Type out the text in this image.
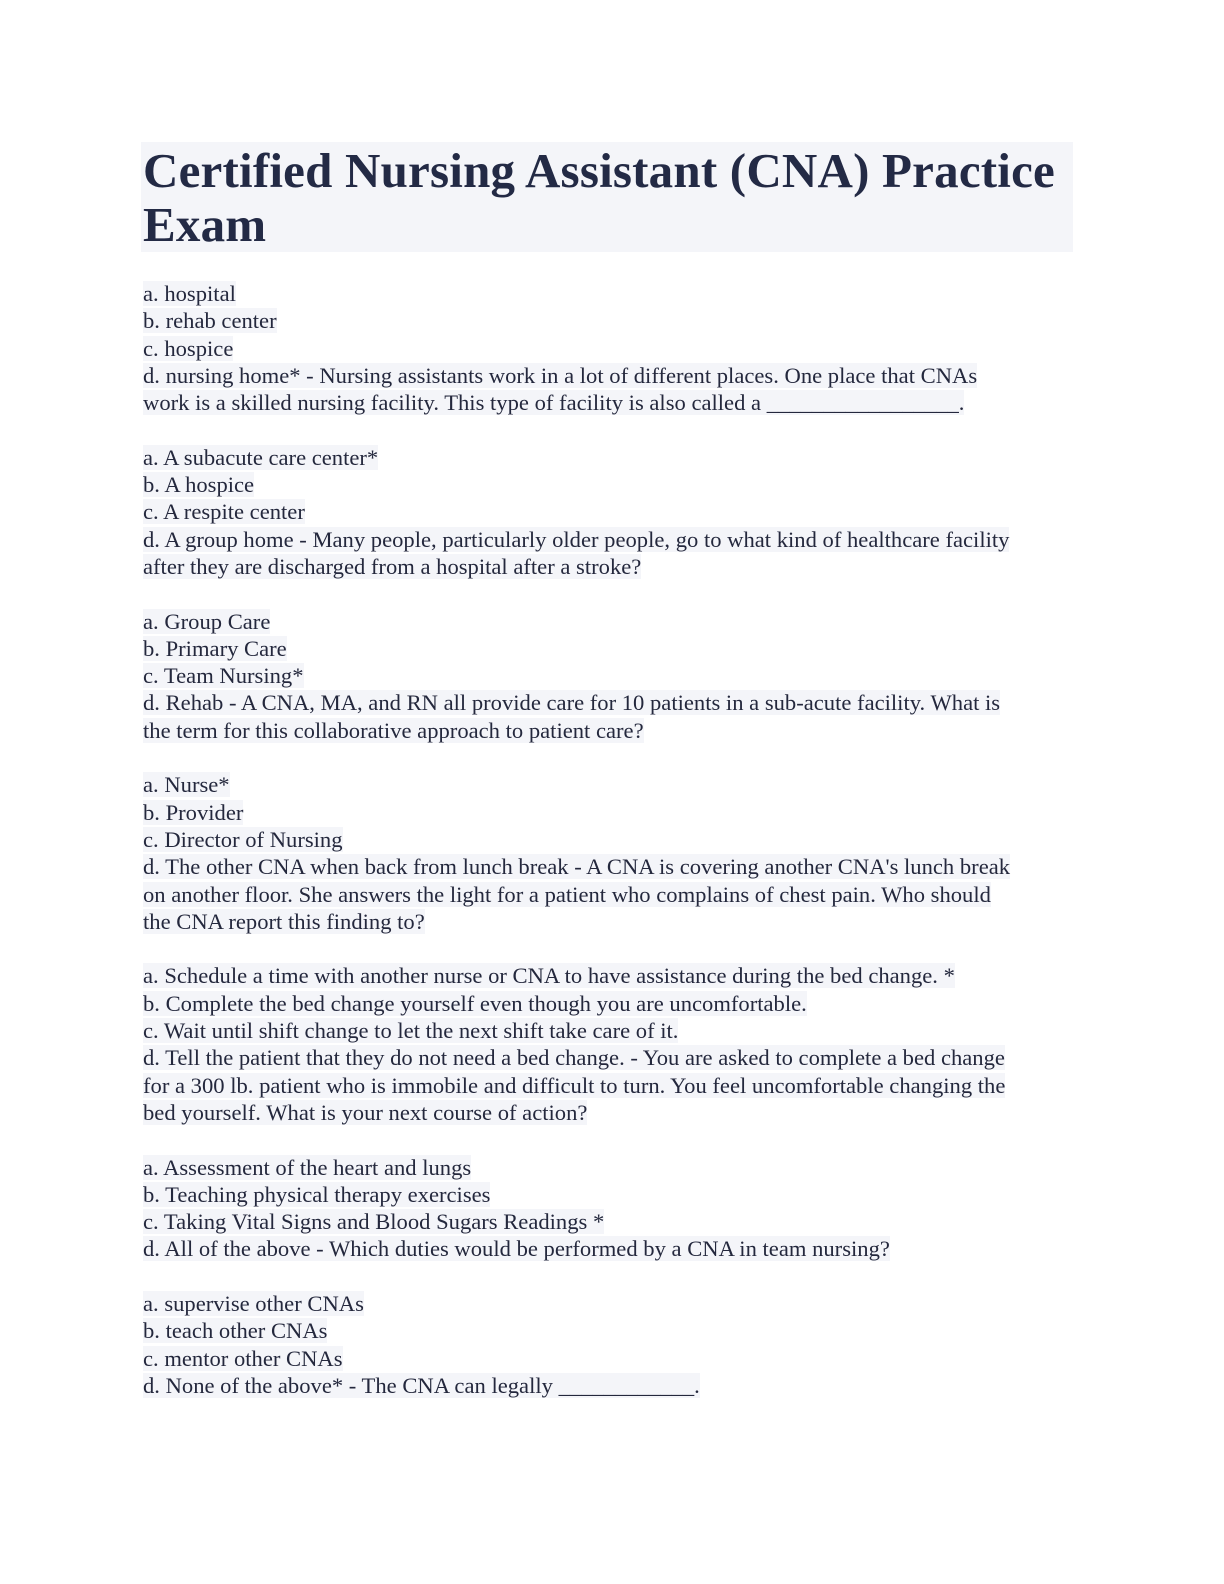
Certified Nursing Assistant (CNA) Practice Exam
a. hospital
b. rehab center
c. hospice
d. nursing home* - Nursing assistants work in a lot of different places. One place that CNAs
work is a skilled nursing facility. This type of facility is also called a _________________.
a. A subacute care center*
b. A hospice
c. A respite center
d. A group home - Many people, particularly older people, go to what kind of healthcare facility
after they are discharged from a hospital after a stroke?
a. Group Care
b. Primary Care
c. Team Nursing*
d. Rehab - A CNA, MA, and RN all provide care for 10 patients in a sub-acute facility. What is
the term for this collaborative approach to patient care?
a. Nurse*
b. Provider
c. Director of Nursing
d. The other CNA when back from lunch break - A CNA is covering another CNA's lunch break
on another floor. She answers the light for a patient who complains of chest pain. Who should
the CNA report this finding to?
a. Schedule a time with another nurse or CNA to have assistance during the bed change. *
b. Complete the bed change yourself even though you are uncomfortable.
c. Wait until shift change to let the next shift take care of it.
d. Tell the patient that they do not need a bed change. - You are asked to complete a bed change
for a 300 lb. patient who is immobile and difficult to turn. You feel uncomfortable changing the
bed yourself. What is your next course of action?
a. Assessment of the heart and lungs
b. Teaching physical therapy exercises
c. Taking Vital Signs and Blood Sugars Readings *
d. All of the above - Which duties would be performed by a CNA in team nursing?
a. supervise other CNAs
b. teach other CNAs
c. mentor other CNAs
d. None of the above* - The CNA can legally ____________.
